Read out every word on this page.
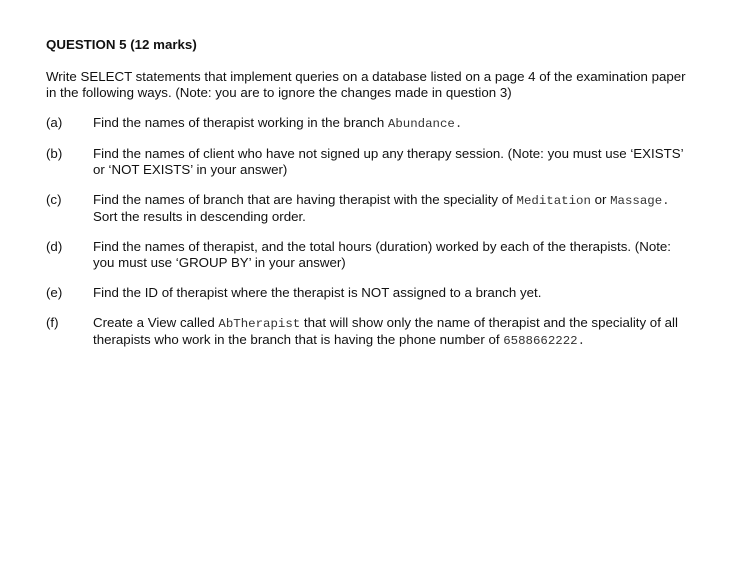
QUESTION 5 (12 marks)
Write SELECT statements that implement queries on a database listed on a page 4 of the examination paper in the following ways. (Note: you are to ignore the changes made in question 3)
(a)	Find the names of therapist working in the branch Abundance.
(b)	Find the names of client who have not signed up any therapy session. (Note: you must use ‘EXISTS’ or ‘NOT EXISTS’ in your answer)
(c)	Find the names of branch that are having therapist with the speciality of Meditation or Massage. Sort the results in descending order.
(d)	Find the names of therapist, and the total hours (duration) worked by each of the therapists. (Note: you must use ‘GROUP BY’ in your answer)
(e)	Find the ID of therapist where the therapist is NOT assigned to a branch yet.
(f)	Create a View called AbTherapist that will show only the name of therapist and the speciality of all therapists who work in the branch that is having the phone number of 6588662222.
